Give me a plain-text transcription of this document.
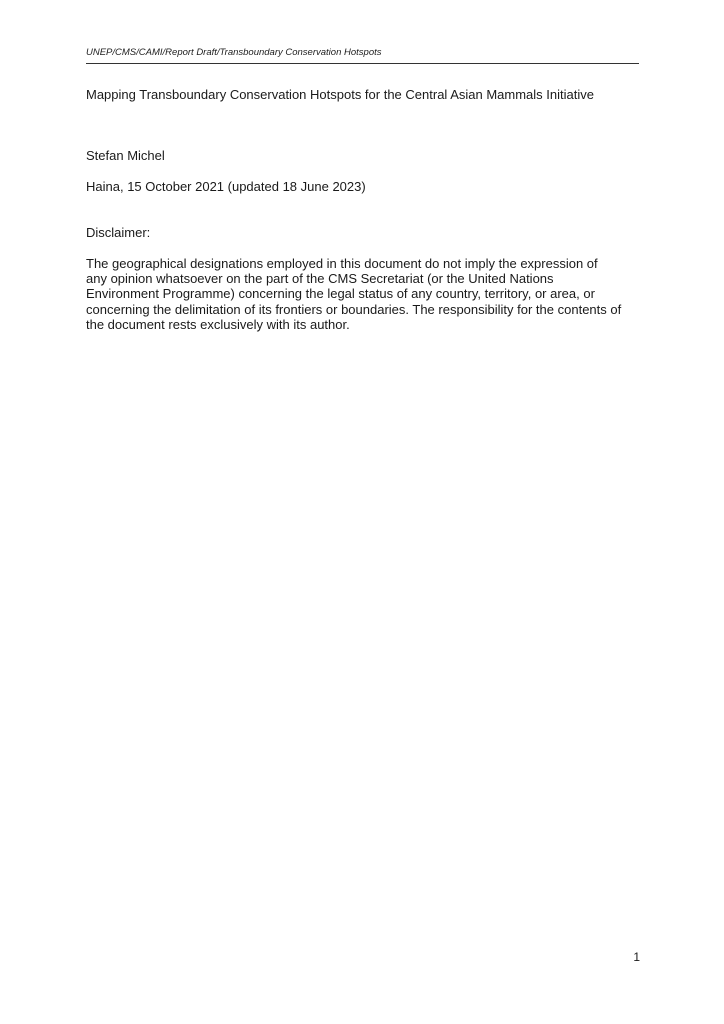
UNEP/CMS/CAMI/Report Draft/Transboundary Conservation Hotspots
Mapping Transboundary Conservation Hotspots for the Central Asian Mammals Initiative
Stefan Michel
Haina, 15 October 2021 (updated 18 June 2023)
Disclaimer:

The geographical designations employed in this document do not imply the expression of
any opinion whatsoever on the part of the CMS Secretariat (or the United Nations
Environment Programme) concerning the legal status of any country, territory, or area, or
concerning the delimitation of its frontiers or boundaries. The responsibility for the contents of
the document rests exclusively with its author.

1
